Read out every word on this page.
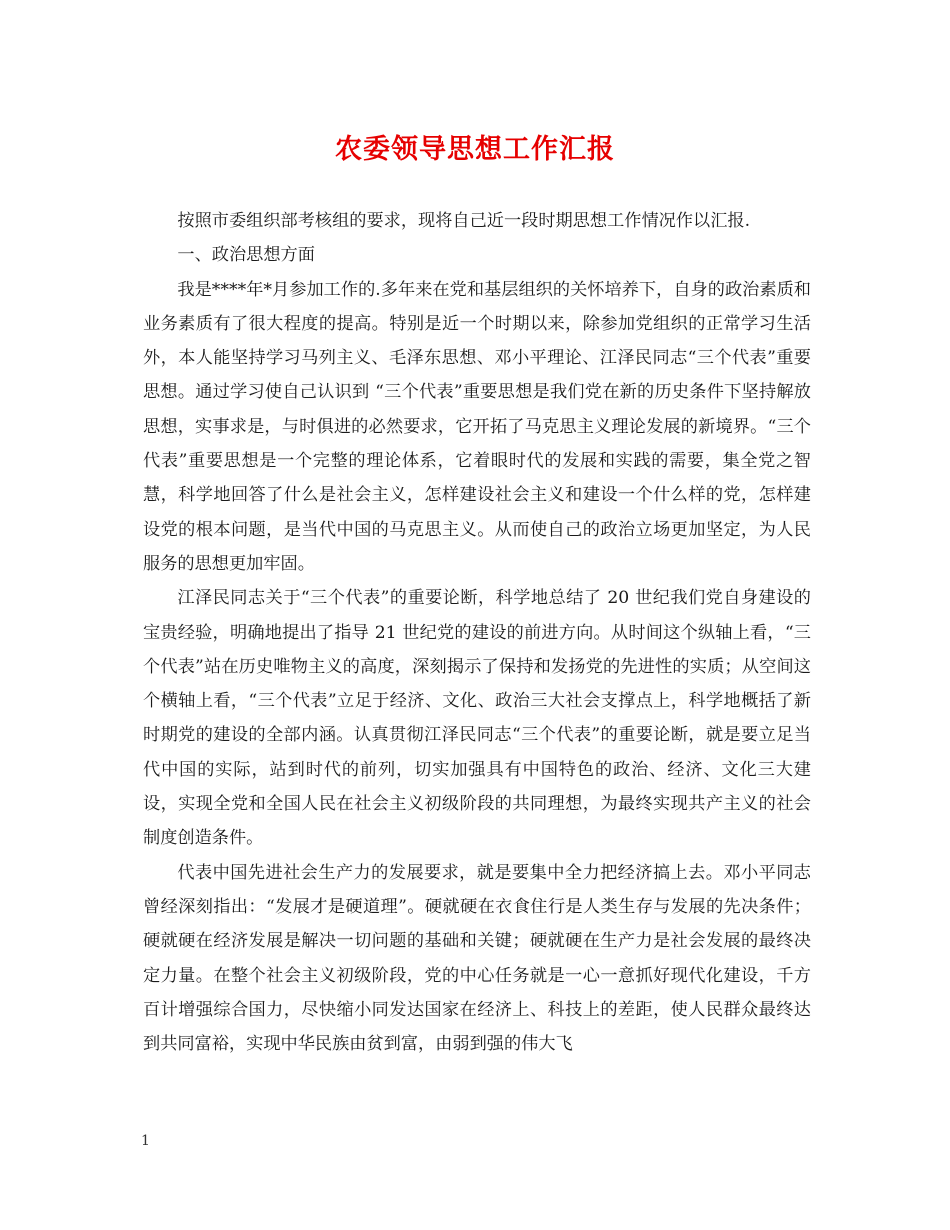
农委领导思想工作汇报

按照市委组织部考核组的要求，现将自己近一段时期思想工作情况作以汇报.

一、政治思想方面

我是****年*月参加工作的.多年来在党和基层组织的关怀培养下，自身的政治素质和业务素质有了很大程度的提高。特别是近一个时期以来，除参加党组织的正常学习生活外，本人能坚持学习马列主义、毛泽东思想、邓小平理论、江泽民同志“三个代表”重要思想。通过学习使自己认识到 “三个代表”重要思想是我们党在新的历史条件下坚持解放思想，实事求是，与时俱进的必然要求，它开拓了马克思主义理论发展的新境界。“三个代表”重要思想是一个完整的理论体系，它着眼时代的发展和实践的需要，集全党之智慧，科学地回答了什么是社会主义，怎样建设社会主义和建设一个什么样的党，怎样建设党的根本问题，是当代中国的马克思主义。从而使自己的政治立场更加坚定，为人民服务的思想更加牢固。

江泽民同志关于“三个代表”的重要论断，科学地总结了 20 世纪我们党自身建设的宝贵经验，明确地提出了指导 21 世纪党的建设的前进方向。从时间这个纵轴上看，“三个代表”站在历史唯物主义的高度，深刻揭示了保持和发扬党的先进性的实质；从空间这个横轴上看，“三个代表”立足于经济、文化、政治三大社会支撑点上，科学地概括了新时期党的建设的全部内涵。认真贯彻江泽民同志“三个代表”的重要论断，就是要立足当代中国的实际，站到时代的前列，切实加强具有中国特色的政治、经济、文化三大建设，实现全党和全国人民在社会主义初级阶段的共同理想，为最终实现共产主义的社会制度创造条件。

代表中国先进社会生产力的发展要求，就是要集中全力把经济搞上去。邓小平同志曾经深刻指出：“发展才是硬道理”。硬就硬在衣食住行是人类生存与发展的先决条件；硬就硬在经济发展是解决一切问题的基础和关键；硬就硬在生产力是社会发展的最终决定力量。在整个社会主义初级阶段，党的中心任务就是一心一意抓好现代化建设，千方百计增强综合国力，尽快缩小同发达国家在经济上、科技上的差距，使人民群众最终达到共同富裕，实现中华民族由贫到富，由弱到强的伟大飞

1
